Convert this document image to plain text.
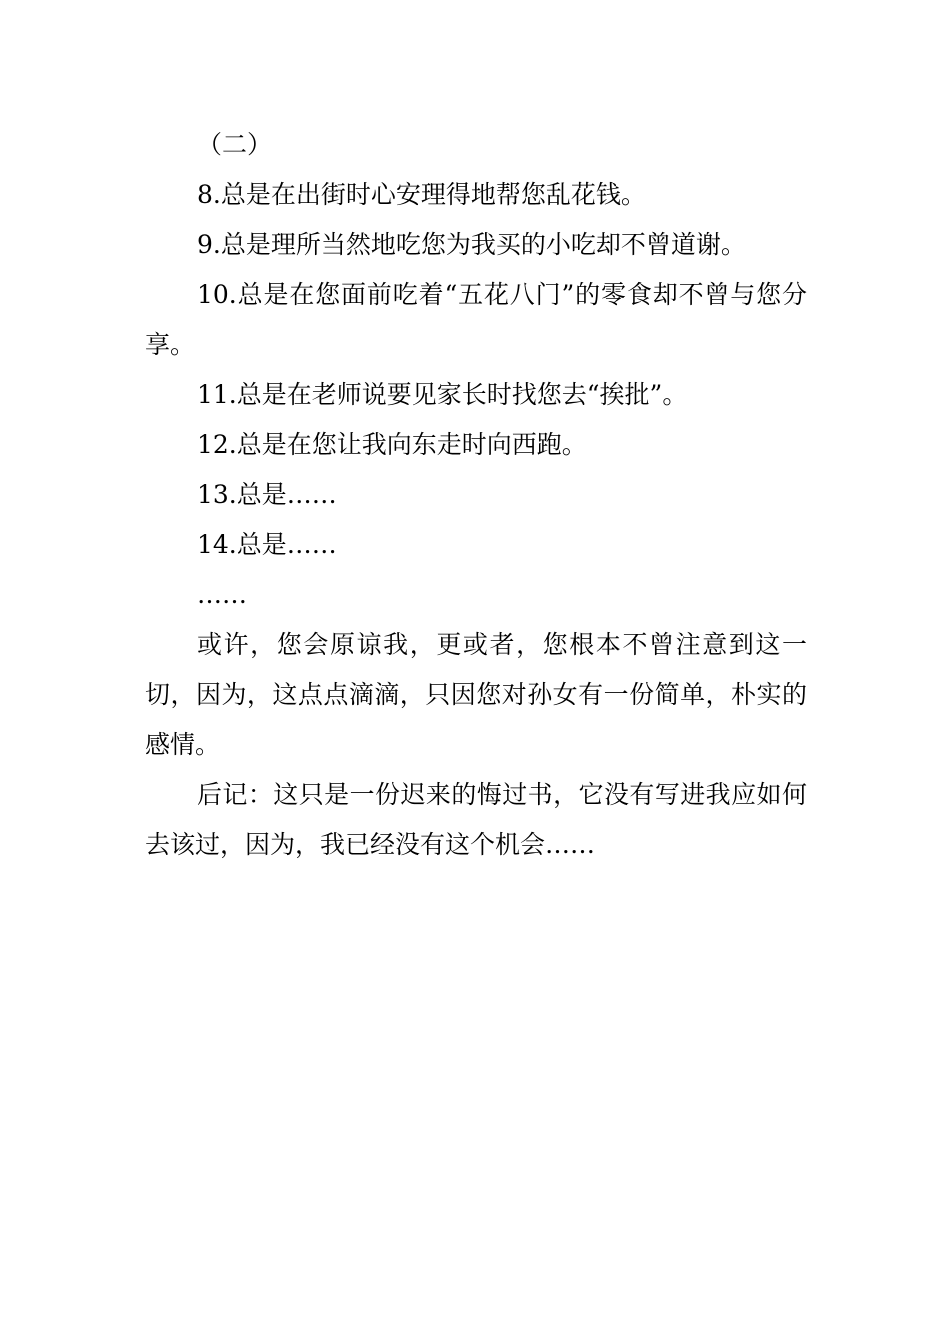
（二）

8.总是在出街时心安理得地帮您乱花钱。

9.总是理所当然地吃您为我买的小吃却不曾道谢。

10.总是在您面前吃着“五花八门”的零食却不曾与您分享。

11.总是在老师说要见家长时找您去“挨批”。

12.总是在您让我向东走时向西跑。

13.总是……

14.总是……

……

或许，您会原谅我，更或者，您根本不曾注意到这一切，因为，这点点滴滴，只因您对孙女有一份简单，朴实的感情。

后记：这只是一份迟来的悔过书，它没有写进我应如何去该过，因为，我已经没有这个机会……
